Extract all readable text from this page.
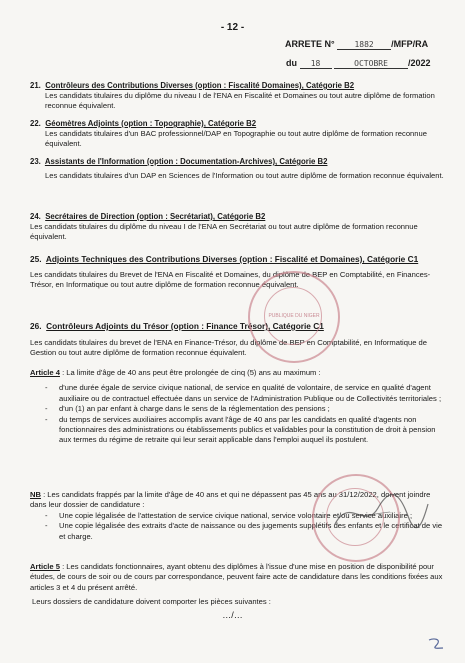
- 12 -
ARRETE N° 1882 /MFP/RA
du 18	OCTOBRE /2022
21. Contrôleurs des Contributions Diverses (option : Fiscalité Domaines), Catégorie B2

Les candidats titulaires du diplôme du niveau I de l'ENA en Fiscalité et Domaines ou tout autre diplôme de formation reconnue équivalent.

22. Géomètres Adjoints (option : Topographie), Catégorie B2

Les candidats titulaires d'un BAC professionnel/DAP en Topographie ou tout autre diplôme de formation reconnue équivalent.

23. Assistants de l'Information (option : Documentation-Archives), Catégorie B2

Les candidats titulaires d'un DAP en Sciences de l'Information ou tout autre diplôme de formation reconnue équivalent.

24. Secrétaires de Direction (option : Secrétariat), Catégorie B2

Les candidats titulaires du diplôme du niveau I de l'ENA en Secrétariat ou tout autre diplôme de formation reconnue équivalent.

25. Adjoints Techniques des Contributions Diverses (option : Fiscalité et Domaines), Catégorie C1

Les candidats titulaires du Brevet de l'ENA en Fiscalité et Domaines, du diplôme de BEP en Comptabilité, en Finances-Trésor, en Informatique ou tout autre diplôme de formation reconnue équivalent.

26. Contrôleurs Adjoints du Trésor (option : Finance Trésor), Catégorie C1

Les candidats titulaires du brevet de l'ENA en Finance-Trésor, du diplôme de BEP en Comptabilité, en Informatique de Gestion ou tout autre diplôme de formation reconnue équivalent.

Article 4 : La limite d'âge de 40 ans peut être prolongée de cinq (5) ans au maximum :

- d'une durée égale de service civique national, de service en qualité de volontaire, de service en qualité d'agent auxiliaire ou de contractuel effectuée dans un service de l'Administration Publique ou de Collectivités territoriales ;
- d'un (1) an par enfant à charge dans le sens de la réglementation des pensions ;
- du temps de services auxiliaires accomplis avant l'âge de 40 ans par les candidats en qualité d'agents non fonctionnaires des administrations ou établissements publics et validables pour la constitution de droit à pension aux termes du régime de retraite qui leur serait applicable dans l'emploi auquel ils postulent.

NB : Les candidats frappés par la limite d'âge de 40 ans et qui ne dépassent pas 45 ans au 31/12/2022, doivent joindre dans leur dossier de candidature :

- Une copie légalisée de l'attestation de service civique national, service volontaire et/ou service auxiliaire ;
- Une copie légalisée des extraits d'acte de naissance ou des jugements supplétifs des enfants et le certificat de vie et charge.

Article 5 : Les candidats fonctionnaires, ayant obtenu des diplômes à l'issue d'une mise en position de disponibilité pour études, de cours de soir ou de cours par correspondance, peuvent faire acte de candidature dans les conditions fixées aux articles 3 et 4 du présent arrêté.

Leurs dossiers de candidature doivent comporter les pièces suivantes :

…/…
PUBLIQUE DU NIGER
